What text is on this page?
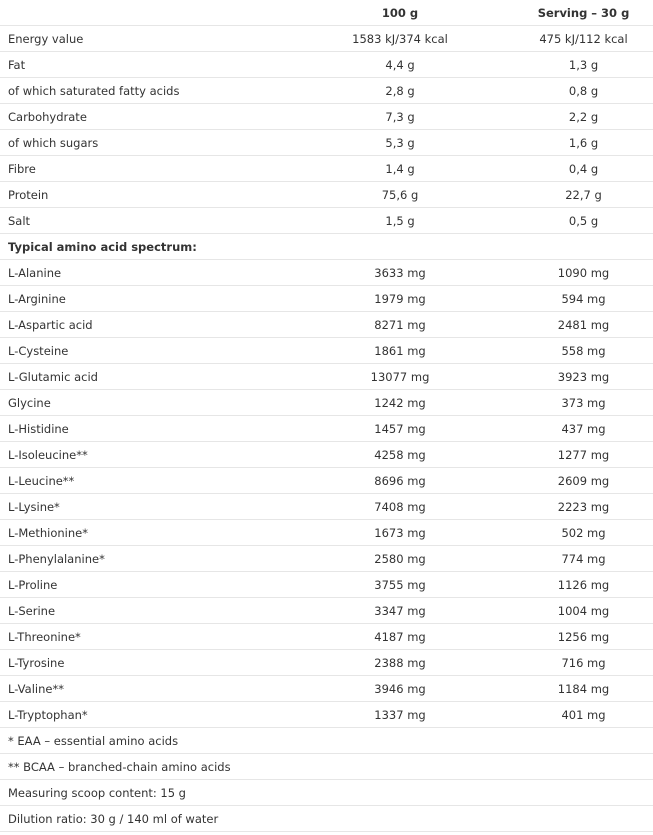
	100 g	Serving – 30 g
Energy value	1583 kJ/374 kcal	475 kJ/112 kcal
Fat	4,4 g	1,3 g
of which saturated fatty acids	2,8 g	0,8 g
Carbohydrate	7,3 g	2,2 g
of which sugars	5,3 g	1,6 g
Fibre	1,4 g	0,4 g
Protein	75,6 g	22,7 g
Salt	1,5 g	0,5 g
Typical amino acid spectrum:		
L-Alanine	3633 mg	1090 mg
L-Arginine	1979 mg	594 mg
L-Aspartic acid	8271 mg	2481 mg
L-Cysteine	1861 mg	558 mg
L-Glutamic acid	13077 mg	3923 mg
Glycine	1242 mg	373 mg
L-Histidine	1457 mg	437 mg
L-Isoleucine**	4258 mg	1277 mg
L-Leucine**	8696 mg	2609 mg
L-Lysine*	7408 mg	2223 mg
L-Methionine*	1673 mg	502 mg
L-Phenylalanine*	2580 mg	774 mg
L-Proline	3755 mg	1126 mg
L-Serine	3347 mg	1004 mg
L-Threonine*	4187 mg	1256 mg
L-Tyrosine	2388 mg	716 mg
L-Valine**	3946 mg	1184 mg
L-Tryptophan*	1337 mg	401 mg
* EAA – essential amino acids		
** BCAA – branched-chain amino acids		
Measuring scoop content: 15 g		
Dilution ratio: 30 g / 140 ml of water		
